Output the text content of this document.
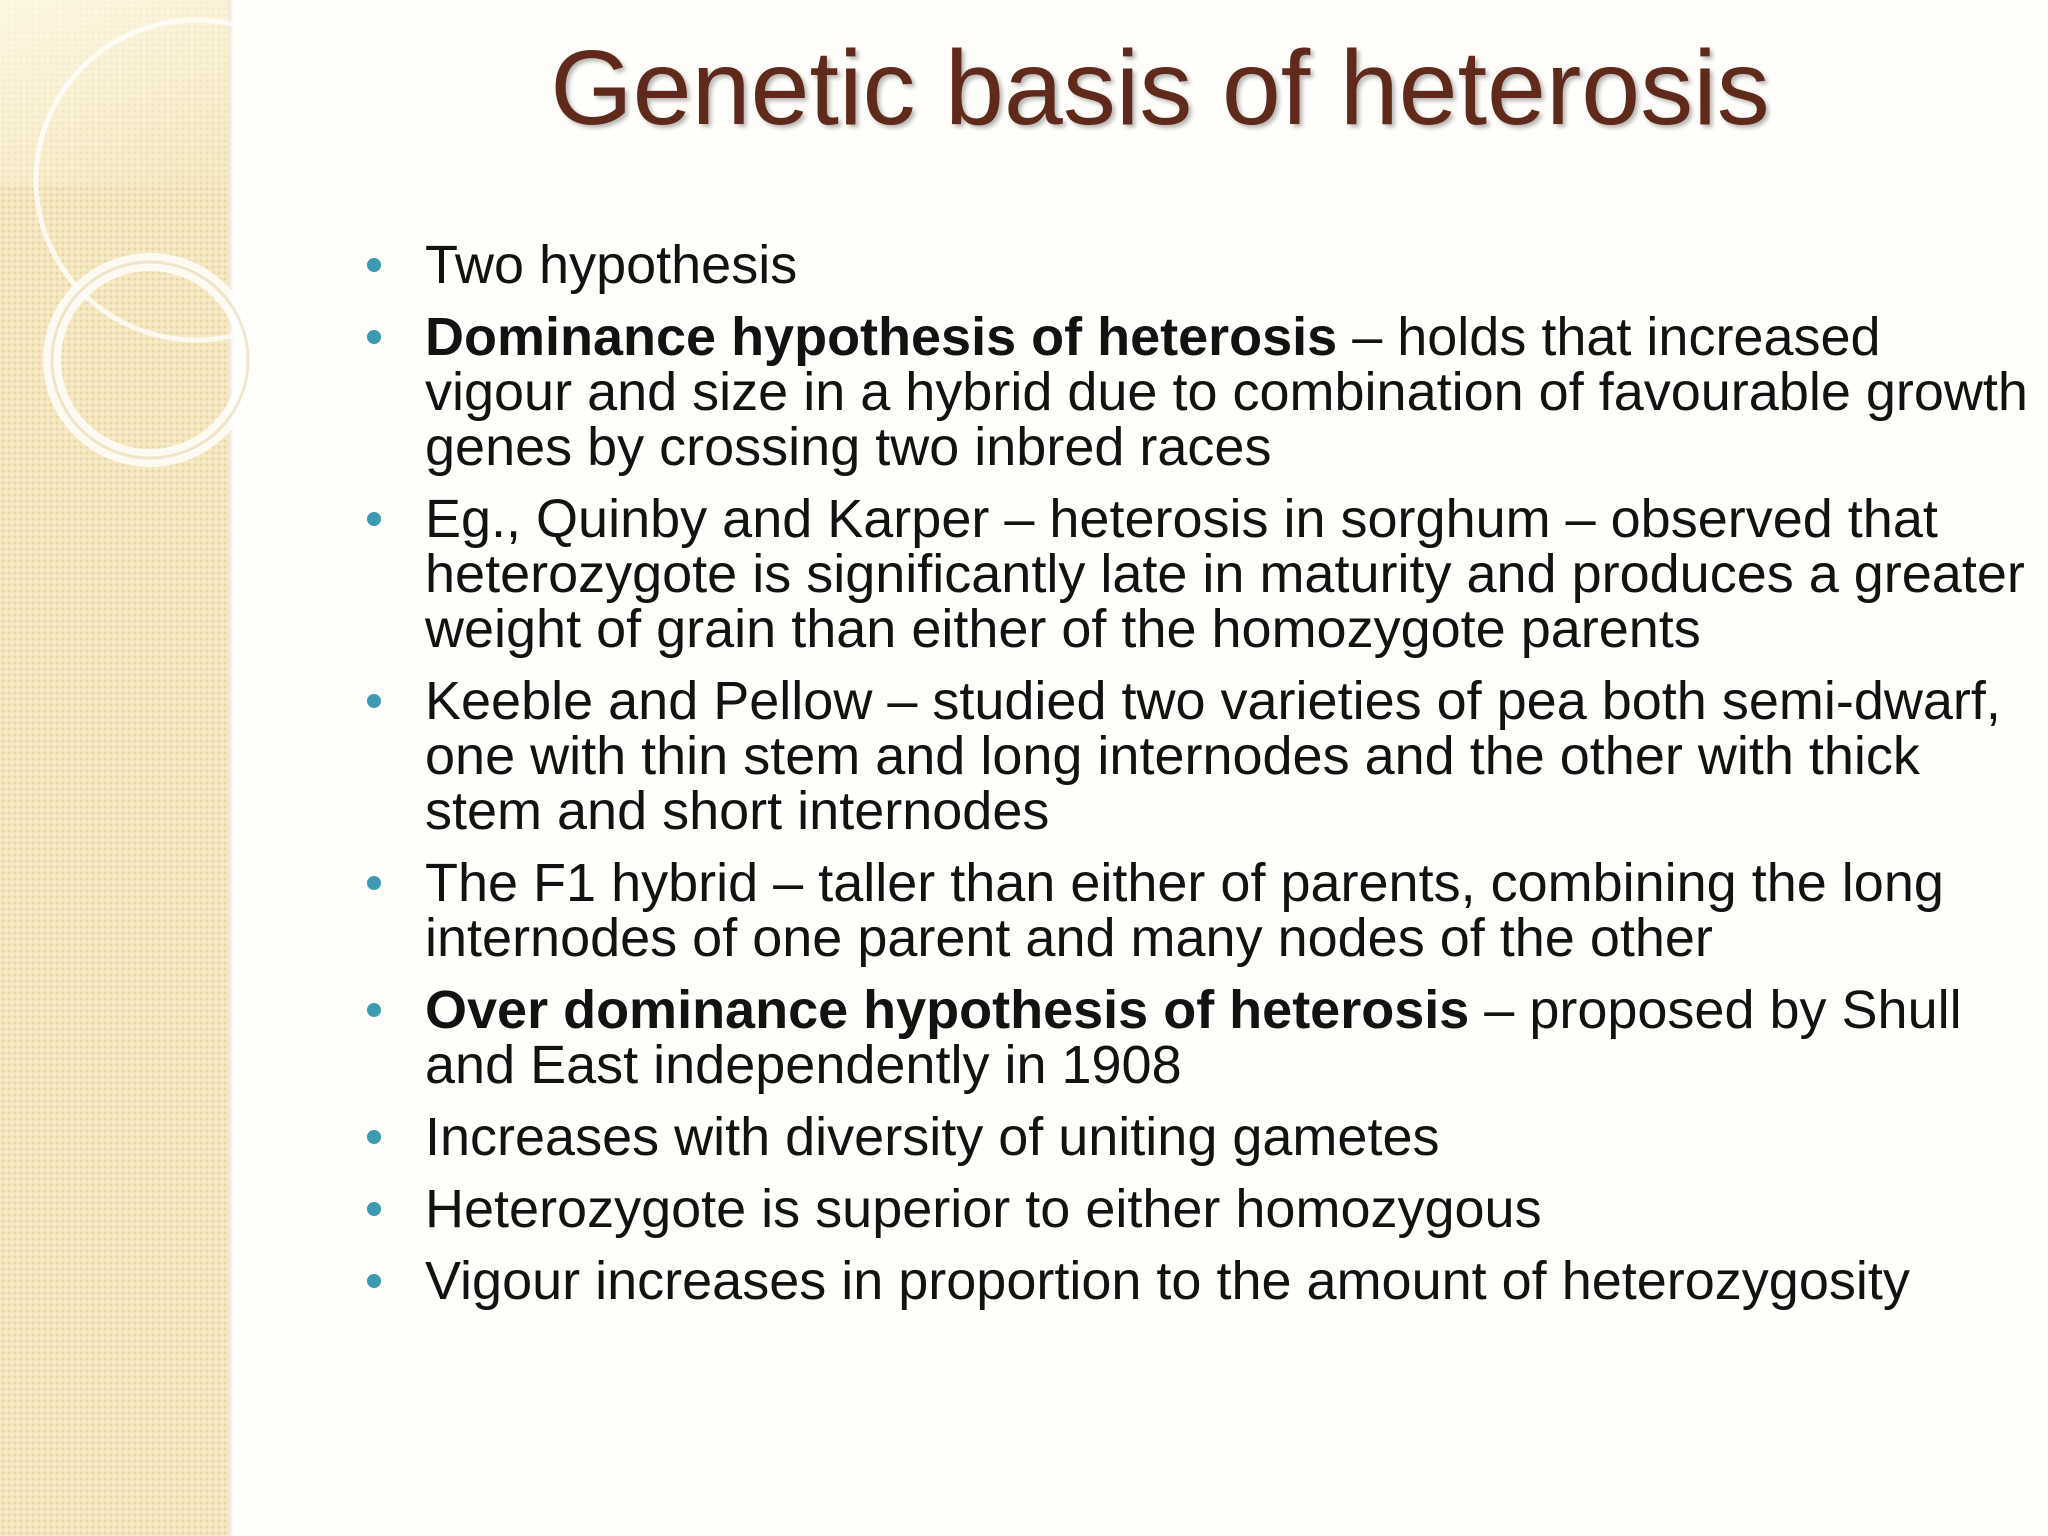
Genetic basis of heterosis
Two hypothesis
Dominance hypothesis of heterosis – holds that increased vigour and size in a hybrid due to combination of favourable growth genes by crossing two inbred races
Eg., Quinby and Karper – heterosis in sorghum – observed that heterozygote is significantly late in maturity and produces a greater weight of grain than either of the homozygote parents
Keeble and Pellow – studied two varieties of pea both semi-dwarf, one with thin stem and long internodes and the other with thick stem and short internodes
The F1 hybrid – taller than either of parents, combining the long internodes of one parent and many nodes of the other
Over dominance hypothesis of heterosis – proposed by Shull and East independently in 1908
Increases with diversity of uniting gametes
Heterozygote is superior to either homozygous
Vigour increases in proportion to the amount of heterozygosity
